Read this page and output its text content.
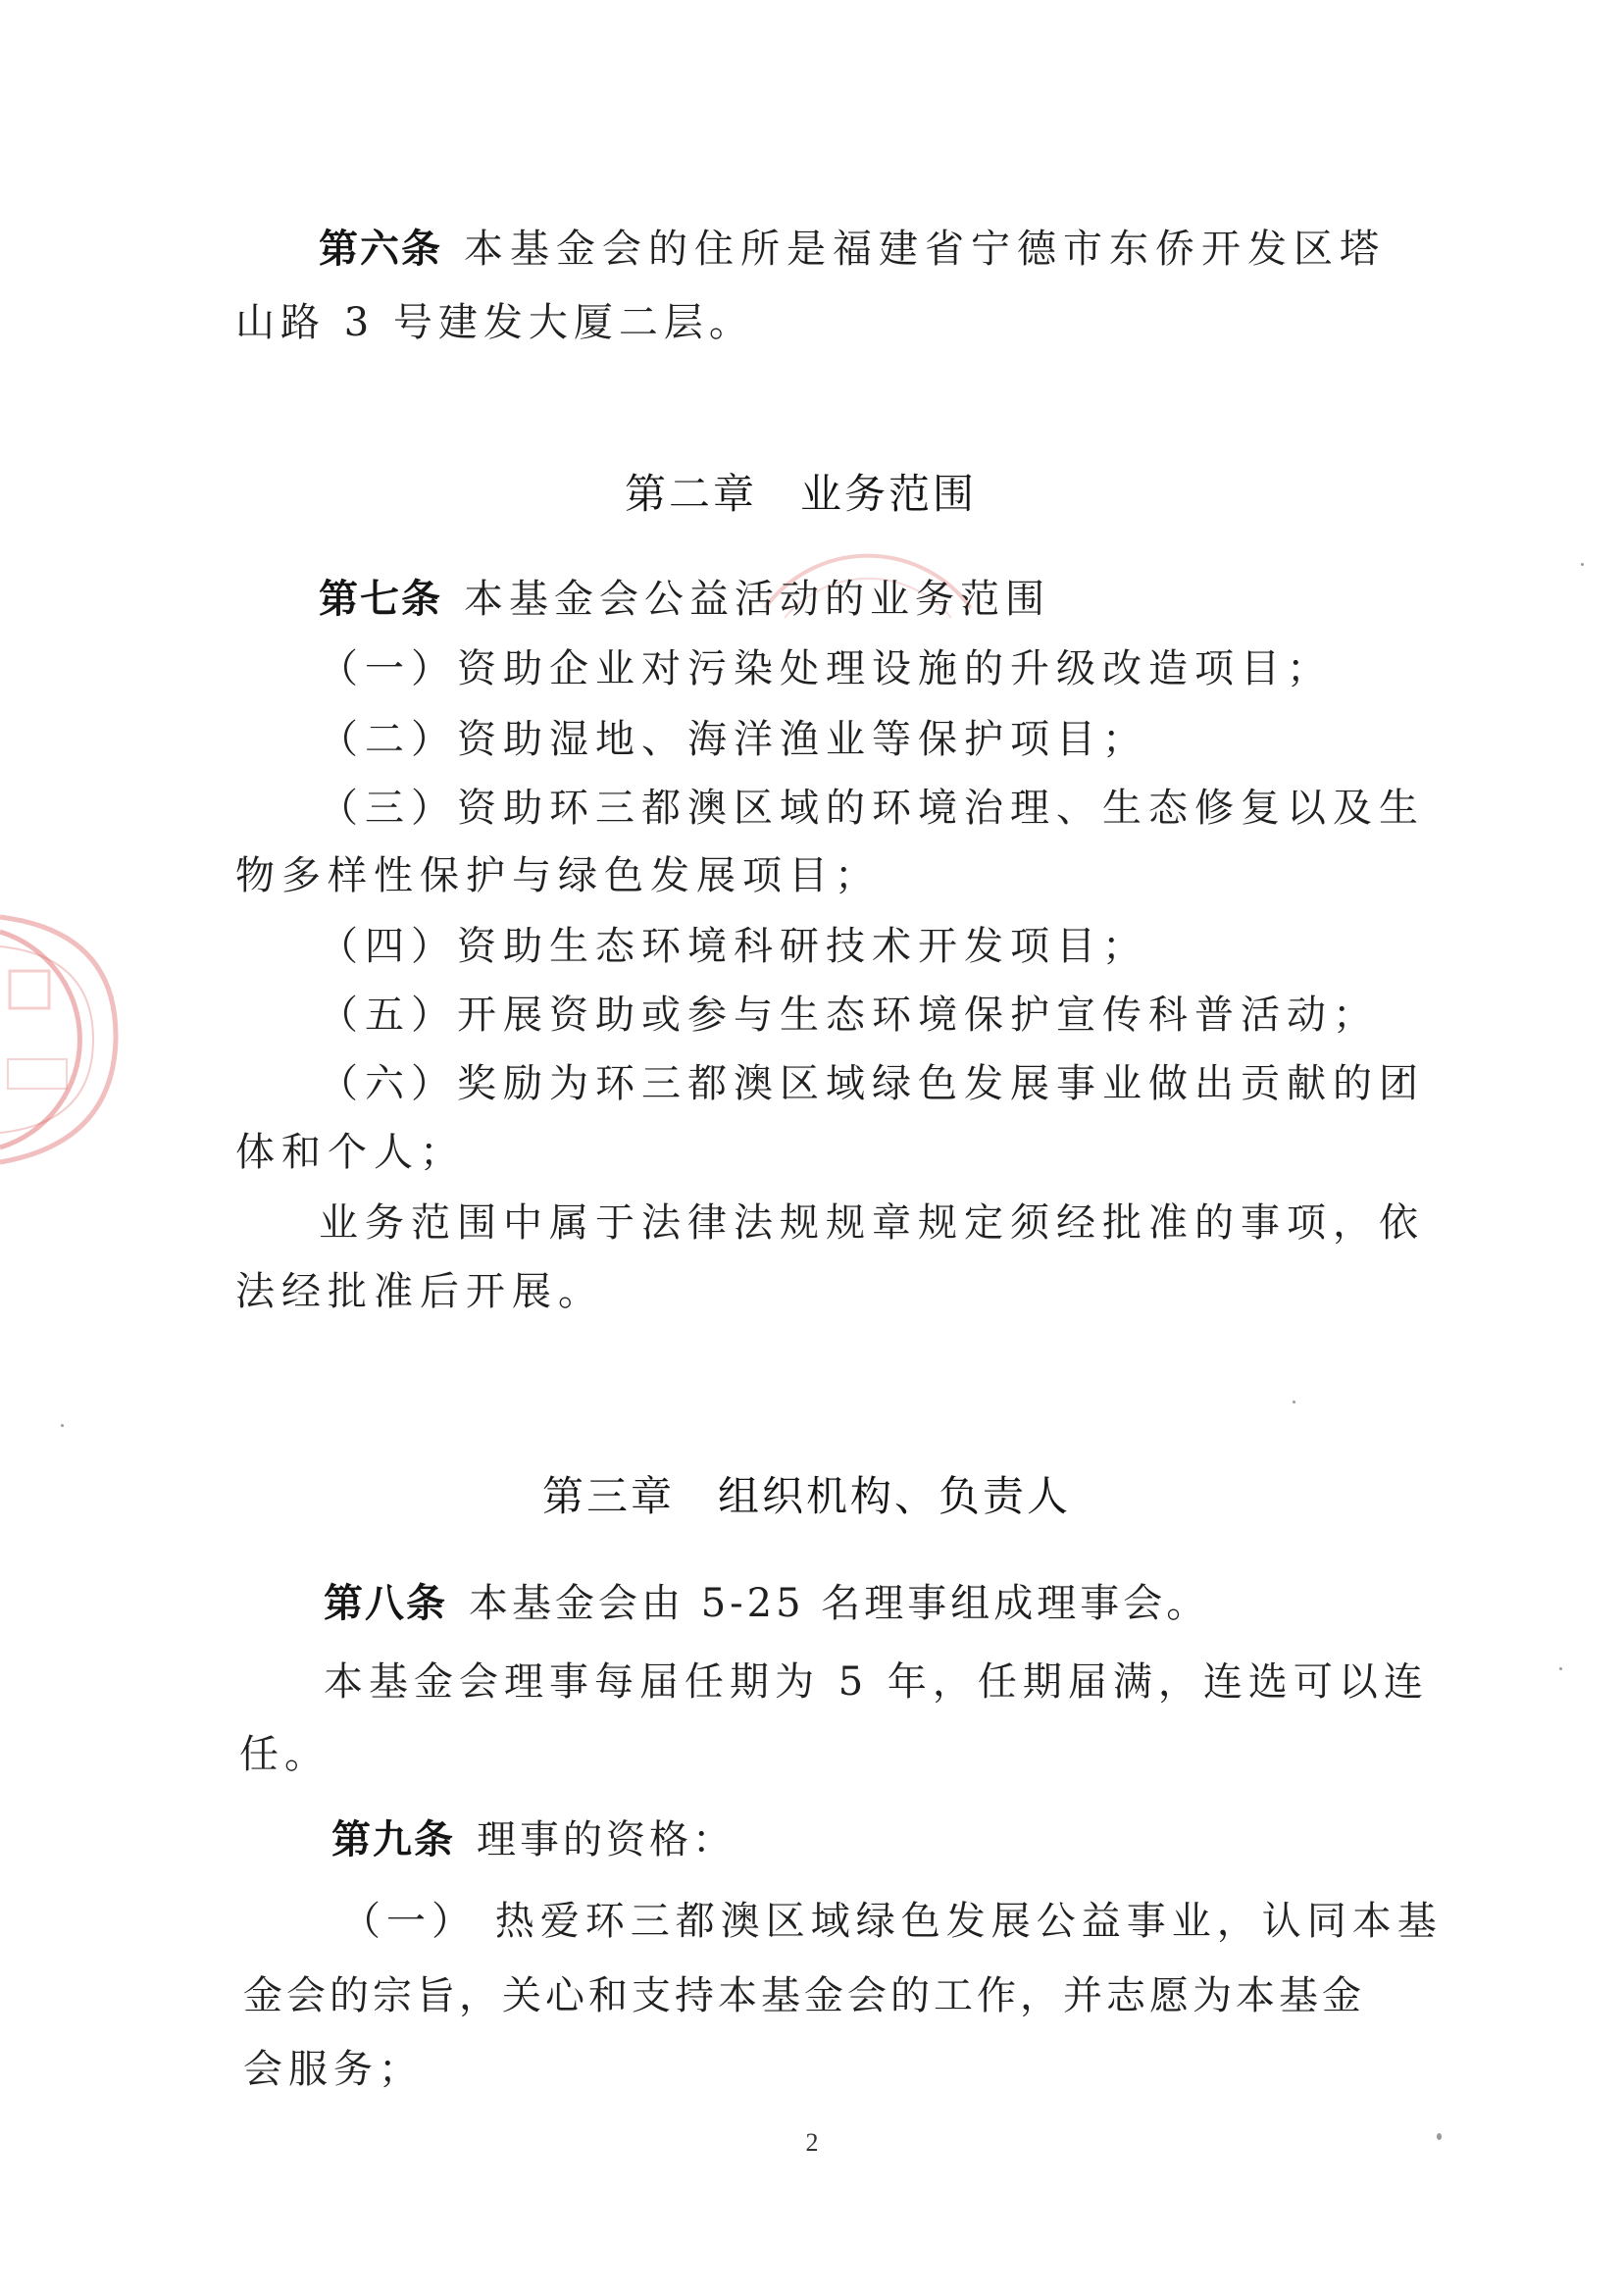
第六条 本基金会的住所是福建省宁德市东侨开发区塔
山路 3 号建发大厦二层。
第二章 业务范围
第七条 本基金会公益活动的业务范围
（一）资助企业对污染处理设施的升级改造项目；
（二）资助湿地、海洋渔业等保护项目；
（三）资助环三都澳区域的环境治理、生态修复以及生
物多样性保护与绿色发展项目；
（四）资助生态环境科研技术开发项目；
（五）开展资助或参与生态环境保护宣传科普活动；
（六）奖励为环三都澳区域绿色发展事业做出贡献的团
体和个人；
业务范围中属于法律法规规章规定须经批准的事项，依
法经批准后开展。
第三章 组织机构、负责人
第八条 本基金会由 5-25 名理事组成理事会。
本基金会理事每届任期为 5 年，任期届满，连选可以连
任。
第九条 理事的资格：
（一） 热爱环三都澳区域绿色发展公益事业，认同本基
金会的宗旨，关心和支持本基金会的工作，并志愿为本基金
会服务；
2
